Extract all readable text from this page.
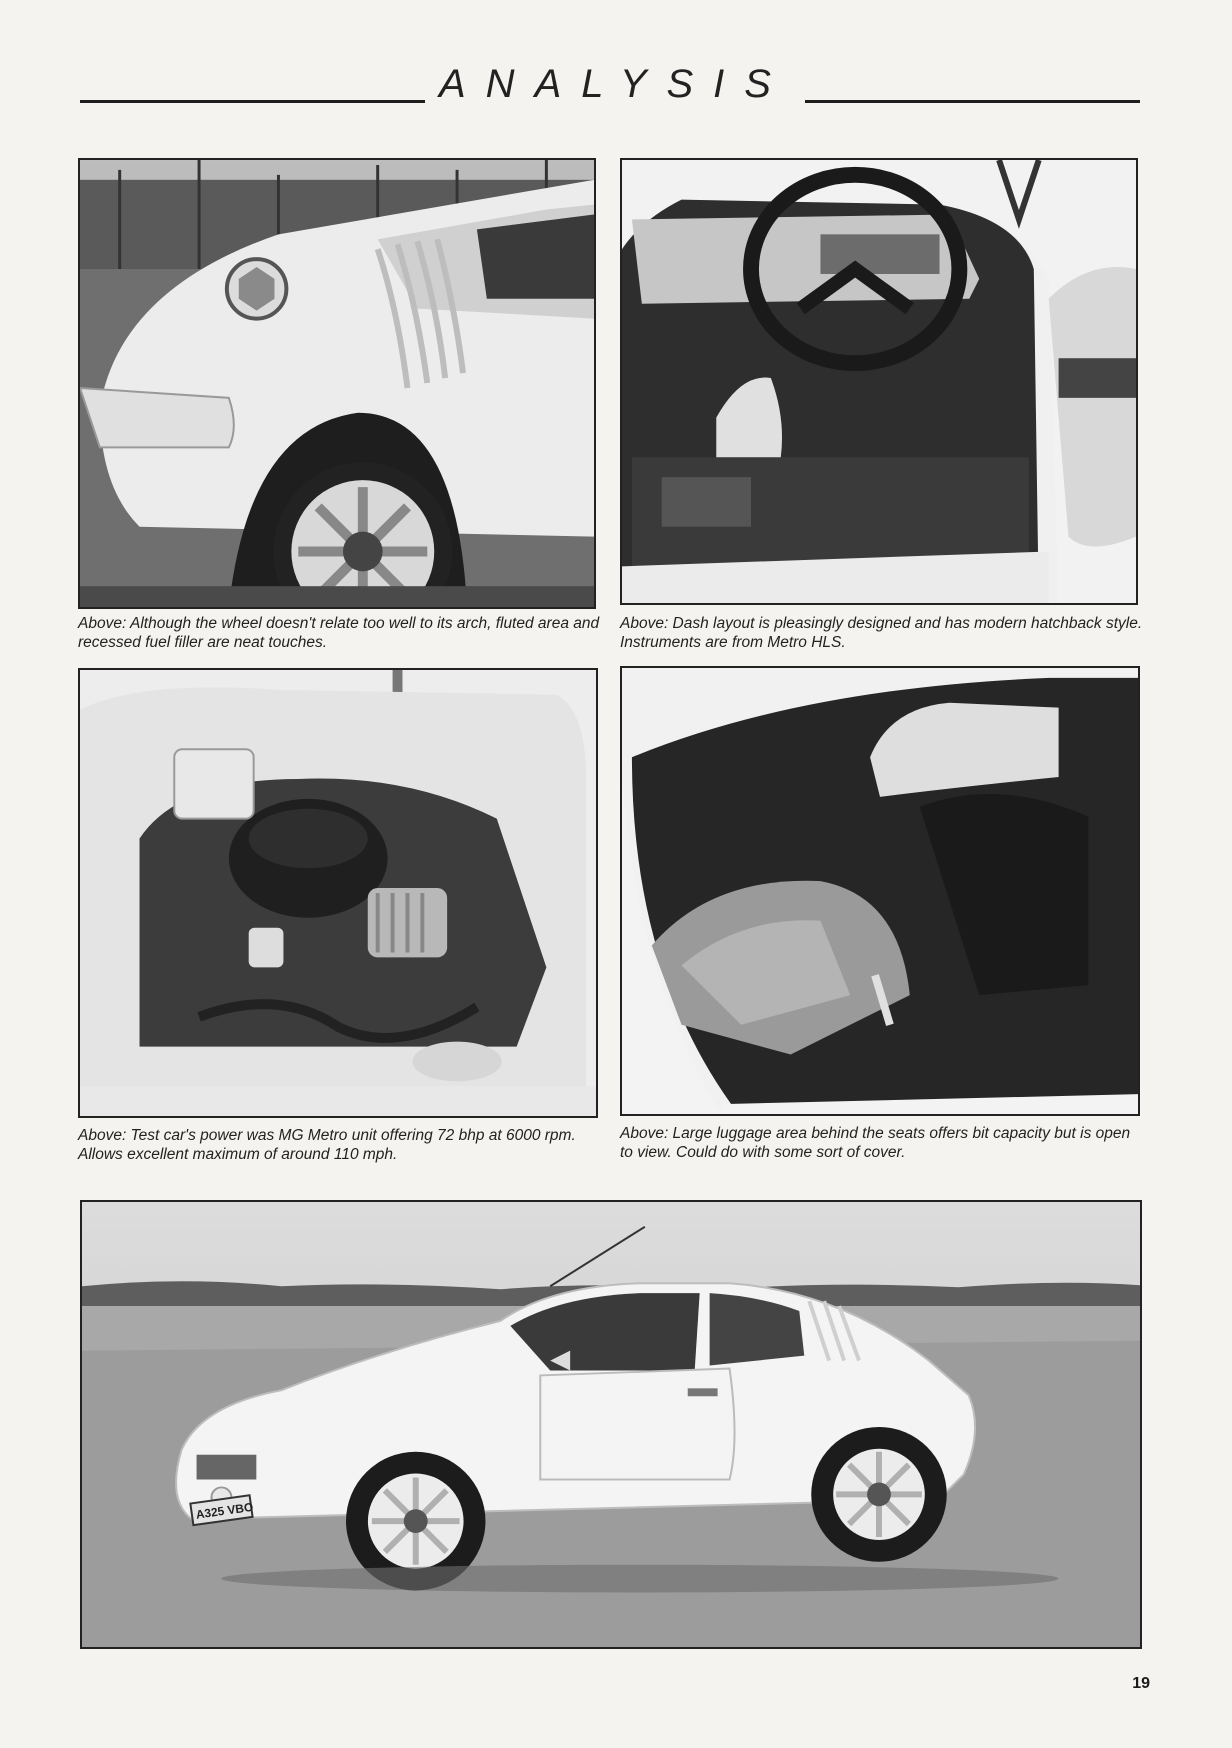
ANALYSIS

Above: Although the wheel doesn't relate too well to its arch, fluted area and recessed fuel filler are neat touches.

Above: Dash layout is pleasingly designed and has modern hatchback style. Instruments are from Metro HLS.

Above: Test car's power was MG Metro unit offering 72 bhp at 6000 rpm. Allows excellent maximum of around 110 mph.

Above: Large luggage area behind the seats offers bit capacity but is open to view. Could do with some sort of cover.

A325 VBO
19
